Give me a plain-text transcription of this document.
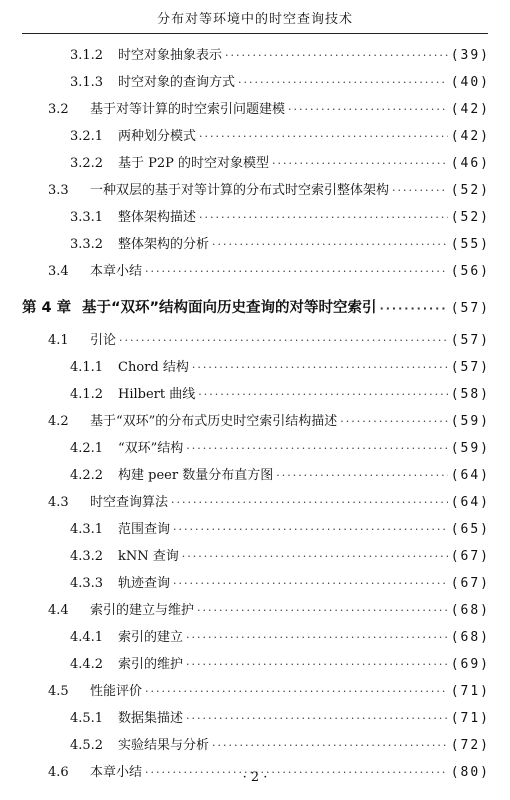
分布对等环境中的时空查询技术
3.1.2	时空对象抽象表示 ·····	(39)
3.1.3	时空对象的查询方式 ·····	(40)
3.2	基于对等计算的时空索引问题建模 ·····	(42)
3.2.1	两种划分模式 ·····	(42)
3.2.2	基于 P2P 的时空对象模型 ·····	(46)
3.3	一种双层的基于对等计算的分布式时空索引整体架构 ·····	(52)
3.3.1	整体架构描述 ·····	(52)
3.3.2	整体架构的分析 ·····	(55)
3.4	本章小结 ·····	(56)
第 4 章 基于“双环”结构面向历史查询的对等时空索引 ·····	(57)
4.1	引论 ·····	(57)
4.1.1	Chord 结构 ·····	(57)
4.1.2	Hilbert 曲线 ·····	(58)
4.2	基于“双环”的分布式历史时空索引结构描述 ·····	(59)
4.2.1	“双环”结构 ·····	(59)
4.2.2	构建 peer 数量分布直方图 ·····	(64)
4.3	时空查询算法 ·····	(64)
4.3.1	范围查询 ·····	(65)
4.3.2	kNN 查询 ·····	(67)
4.3.3	轨迹查询 ·····	(67)
4.4	索引的建立与维护 ·····	(68)
4.4.1	索引的建立 ·····	(68)
4.4.2	索引的维护 ·····	(69)
4.5	性能评价 ·····	(71)
4.5.1	数据集描述 ·····	(71)
4.5.2	实验结果与分析 ·····	(72)
4.6	本章小结 ·····	(80)
· 2 ·
